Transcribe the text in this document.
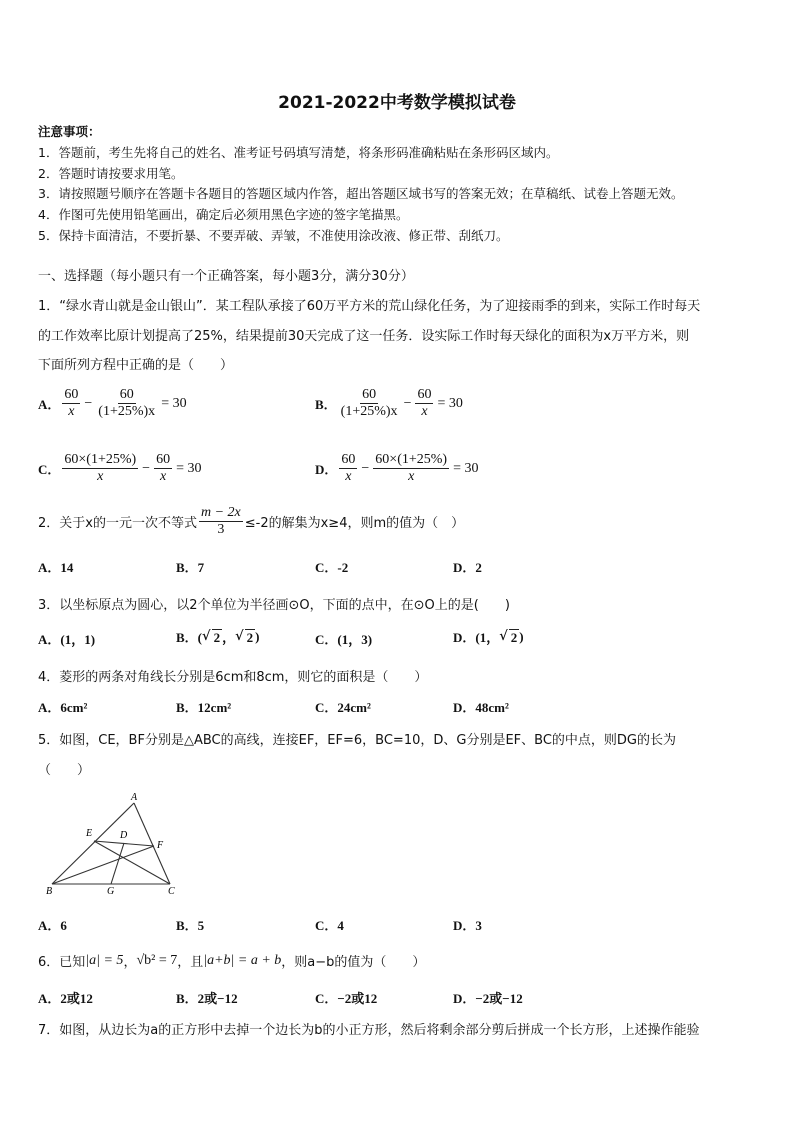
2021-2022中考数学模拟试卷
注意事项：
1．答题前，考生先将自己的姓名、准考证号码填写清楚，将条形码准确粘贴在条形码区域内。
2．答题时请按要求用笔。
3．请按照题号顺序在答题卡各题目的答题区域内作答，超出答题区域书写的答案无效；在草稿纸、试卷上答题无效。
4．作图可先使用铅笔画出，确定后必须用黑色字迹的签字笔描黑。
5．保持卡面清洁，不要折暴、不要弄破、弄皱，不准使用涂改液、修正带、刮纸刀。
一、选择题（每小题只有一个正确答案，每小题3分，满分30分）
1．“绿水青山就是金山银山”．某工程队承接了60万平方米的荒山绿化任务，为了迎接雨季的到来，实际工作时每天
的工作效率比原计划提高了25%，结果提前30天完成了这一任务．设实际工作时每天绿化的面积为x万平方米，则
下面所列方程中正确的是（　　）
A． $\frac{60}{x} - \frac{60}{(1+25\%)x} = 30$	B． $\frac{60}{(1+25\%)x} - \frac{60}{x} = 30$
C． $\frac{60\times(1+25\%)}{x} - \frac{60}{x} = 30$	D． $\frac{60}{x} - \frac{60\times(1+25\%)}{x} = 30$
2．关于x的一元一次不等式 $\frac{m - 2x}{3} \le-2$的解集为x≥4，则m的值为（　）
A．14	B．7	C．-2	D．2
3．以坐标原点为圆心，以2个单位为半径画⊙O，下面的点中，在⊙O上的是(　　)
A．(1，1)	B．( √ 2 ， √ 2 )	C．(1，3)	D．(1， √ 2 )
4．菱形的两条对角线长分别是6cm和8cm，则它的面积是（　　）
A．6cm²	B．12cm²	C．24cm²	D．48cm²
5．如图，CE，BF分别是△ABC的高线，连接EF，EF=6，BC=10，D、G分别是EF、BC的中点，则DG的长为
（　　）
A
E	D
F
B	G	C
A．6	B．5	C．4	D．3
6．已知 |a| = 5 ， √b² = 7 ，且 |a+b| = a + b ，则a−b的值为（　　）
A．2或12	B．2或−12	C．−2或12	D．−2或−12
7．如图，从边长为a的正方形中去掉一个边长为b的小正方形，然后将剩余部分剪后拼成一个长方形，上述操作能验
